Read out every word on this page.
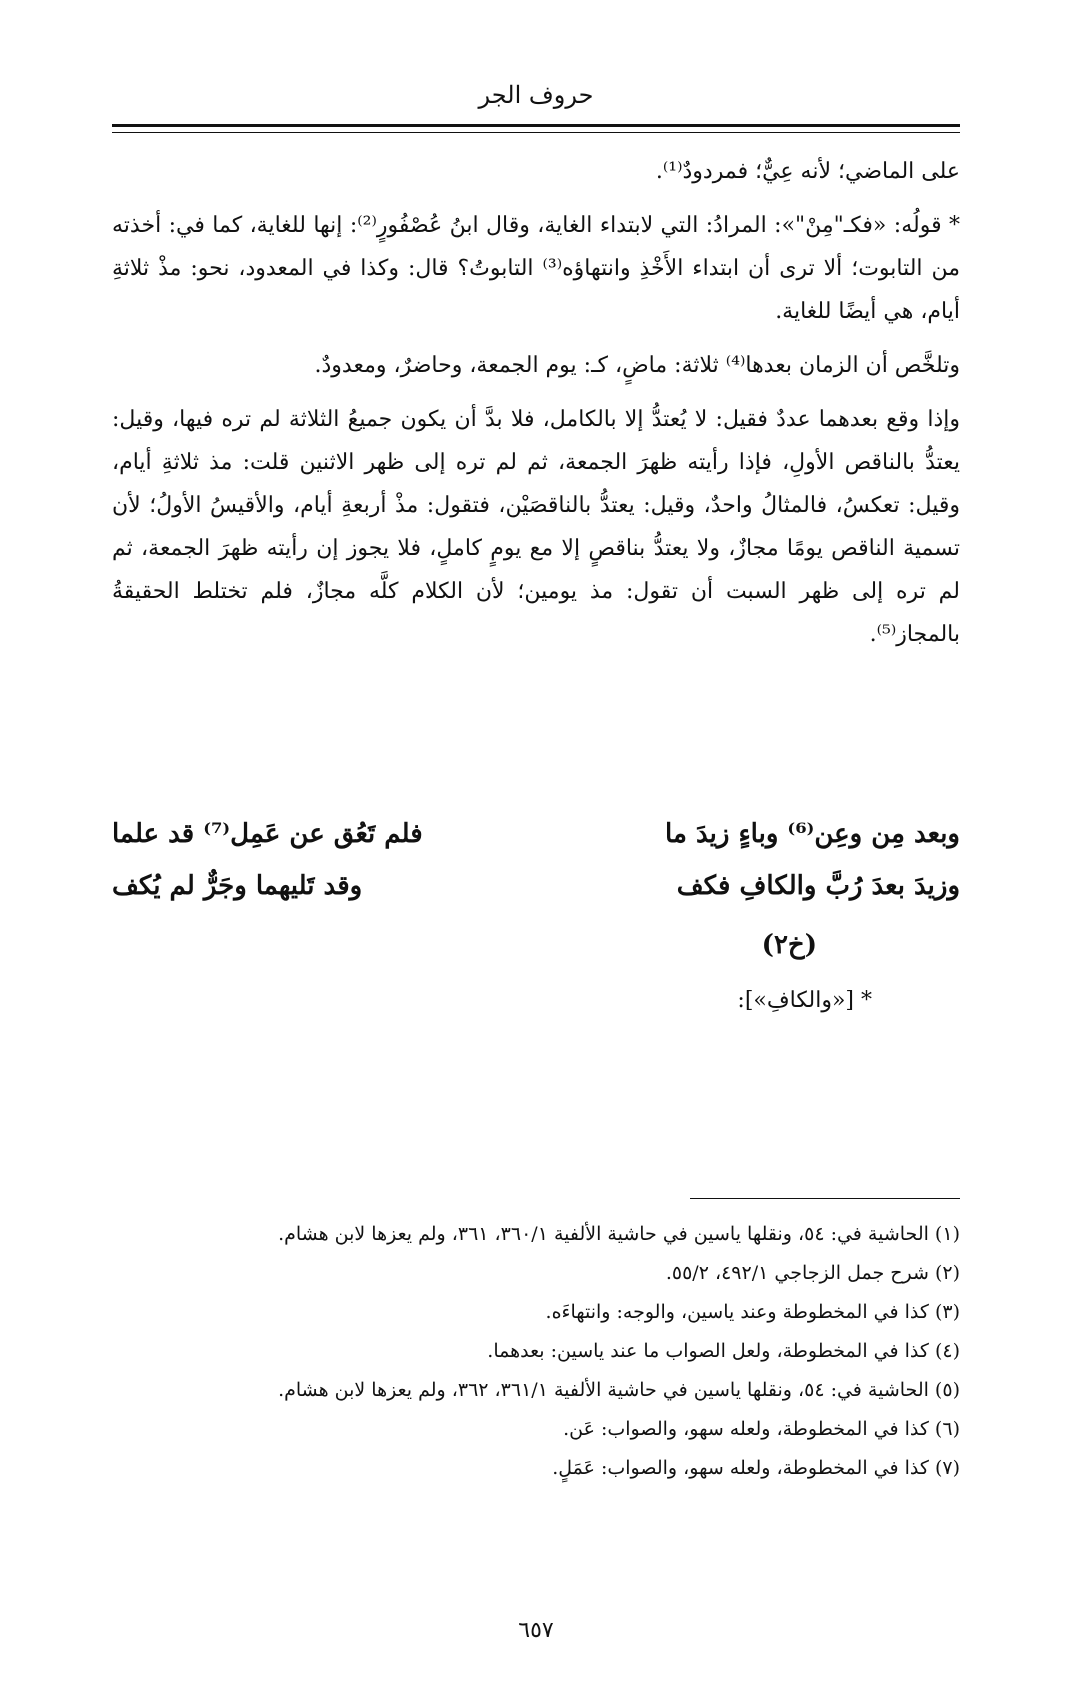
حروف الجر

على الماضي؛ لأنه عِيٌّ؛ فمردودٌ⁽¹⁾.

* قولُه: «فكـ"مِنْ"»: المرادُ: التي لابتداء الغاية، وقال ابنُ عُصْفُورٍ⁽²⁾: إنها للغاية، كما في: أخذته من التابوت؛ ألا ترى أن ابتداء الأَخْذِ وانتهاؤه⁽³⁾ التابوتُ؟ قال: وكذا في المعدود، نحو: مذْ ثلاثةِ أيام، هي أيضًا للغاية.

وتلخَّص أن الزمان بعدها⁽⁴⁾ ثلاثة: ماضٍ، كـ: يوم الجمعة، وحاضرٌ، ومعدودٌ.

وإذا وقع بعدهما عددٌ فقيل: لا يُعتدُّ إلا بالكامل، فلا بدَّ أن يكون جميعُ الثلاثة لم تره فيها، وقيل: يعتدُّ بالناقص الأولِ، فإذا رأيته ظهرَ الجمعة، ثم لم تره إلى ظهر الاثنين قلت: مذ ثلاثةِ أيام، وقيل: تعكسُ، فالمثالُ واحدٌ، وقيل: يعتدُّ بالناقصَيْن، فتقول: مذْ أربعةِ أيام، والأقيسُ الأولُ؛ لأن تسمية الناقص يومًا مجازٌ، ولا يعتدُّ بناقصٍ إلا مع يومٍ كاملٍ، فلا يجوز إن رأيته ظهرَ الجمعة، ثم لم تره إلى ظهر السبت أن تقول: مذ يومين؛ لأن الكلام كلَّه مجازٌ، فلم تختلط الحقيقةُ بالمجاز⁽⁵⁾.

وبعد مِن وعِن⁽⁶⁾ وباءٍ زيدَ ما
فلم تَعُق عن عَمِل⁽⁷⁾ قد علما
وزيدَ بعدَ رُبَّ والكافِ فكف
وقد تَليهما وجَرٌّ لم يُكف
(خ٢)
* [«والكافِ»]:

(١) الحاشية في: ٥٤، ونقلها ياسين في حاشية الألفية ٣٦٠/١، ٣٦١، ولم يعزها لابن هشام.

(٢) شرح جمل الزجاجي ٤٩٢/١، ٥٥/٢.

(٣) كذا في المخطوطة وعند ياسين، والوجه: وانتهاءَه.

(٤) كذا في المخطوطة، ولعل الصواب ما عند ياسين: بعدهما.

(٥) الحاشية في: ٥٤، ونقلها ياسين في حاشية الألفية ٣٦١/١، ٣٦٢، ولم يعزها لابن هشام.

(٦) كذا في المخطوطة، ولعله سهو، والصواب: عَن.

(٧) كذا في المخطوطة، ولعله سهو، والصواب: عَمَلٍ.

٦٥٧
